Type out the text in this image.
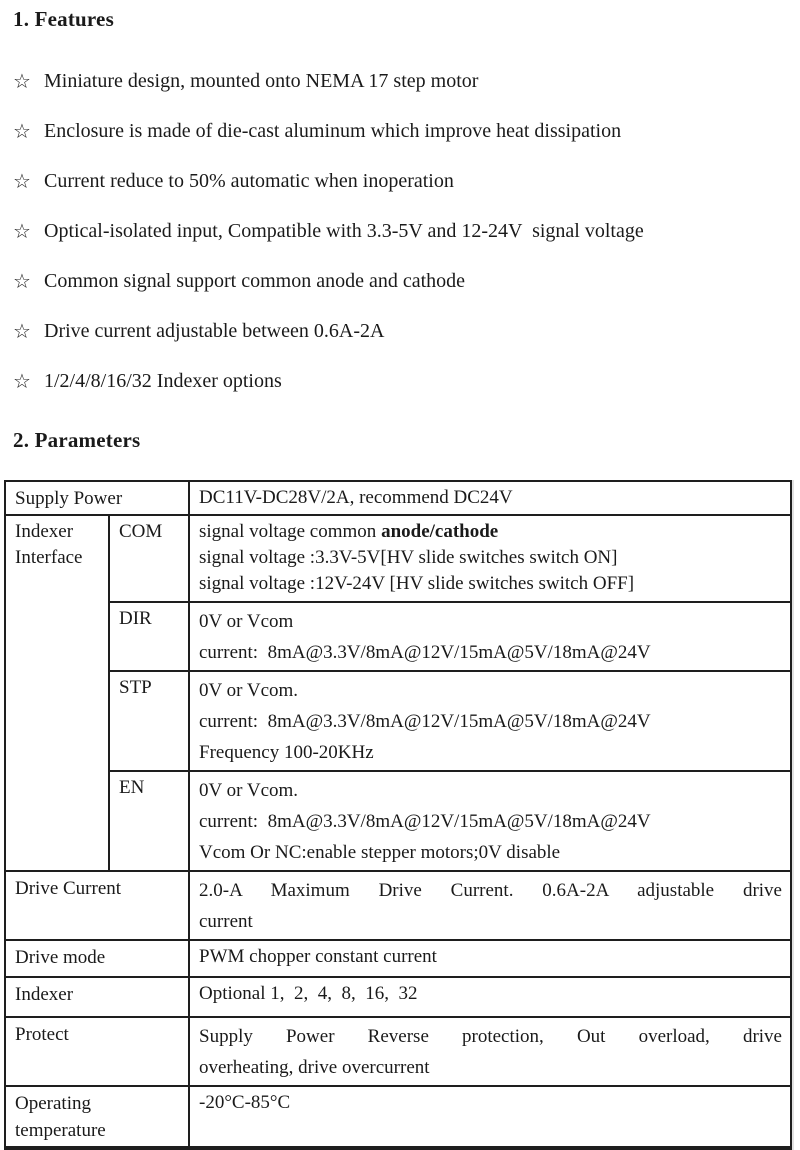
1. Features
☆ Miniature design, mounted onto NEMA 17 step motor
☆ Enclosure is made of die-cast aluminum which improve heat dissipation
☆ Current reduce to 50% automatic when inoperation
☆ Optical-isolated input, Compatible with 3.3-5V and 12-24V  signal voltage
☆ Common signal support common anode and cathode
☆ Drive current adjustable between 0.6A-2A
☆ 1/2/4/8/16/32 Indexer options
2. Parameters
Supply Power		DC11V-DC28V/2A, recommend DC24V
Indexer Interface	COM	signal voltage common anode/cathode
signal voltage :3.3V-5V[HV slide switches switch ON]
signal voltage :12V-24V [HV slide switches switch OFF]

	DIR	0V or Vcom
current:  8mA@3.3V/8mA@12V/15mA@5V/18mA@24V

	STP	0V or Vcom.
current:  8mA@3.3V/8mA@12V/15mA@5V/18mA@24V
Frequency 100-20KHz

	EN	0V or Vcom.
current:  8mA@3.3V/8mA@12V/15mA@5V/18mA@24V
Vcom Or NC:enable stepper motors;0V disable

Drive Current		2.0-A Maximum Drive Current. 0.6A-2A adjustable drive
current

Drive mode		PWM chopper constant current
Indexer		Optional 1,  2,  4,  8,  16,  32
Protect		Supply Power Reverse protection, Out overload, drive
overheating, drive overcurrent

Operating temperature		-20°C-85°C
